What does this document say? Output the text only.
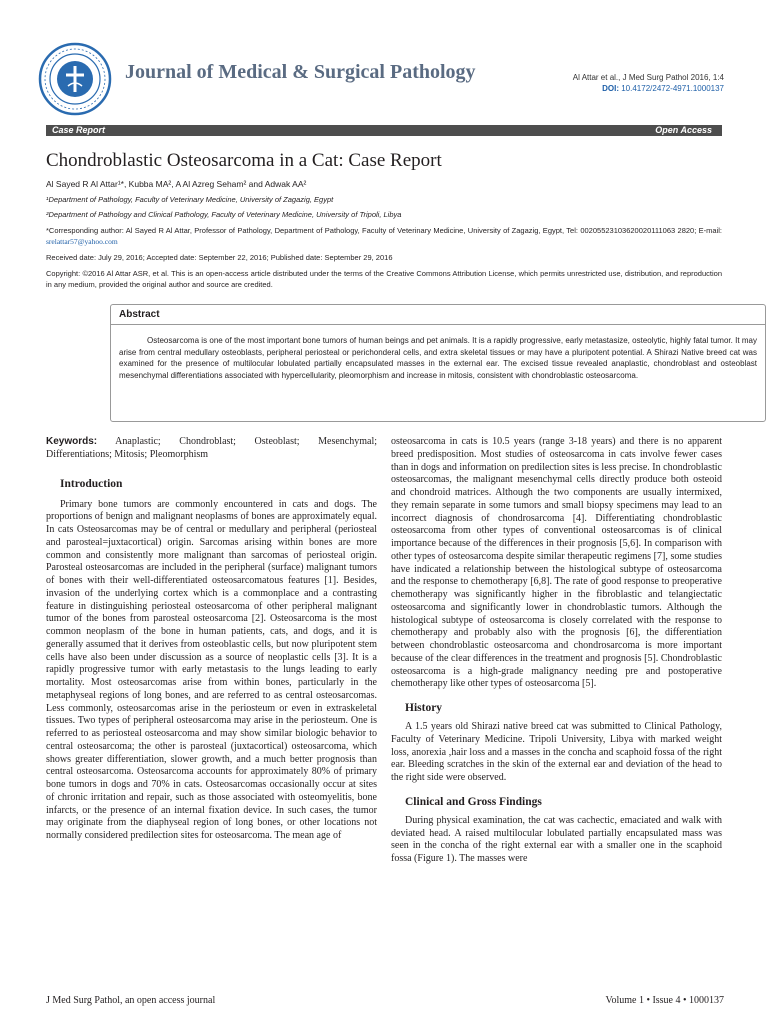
Journal of Medical & Surgical Pathology	Al Attar et al., J Med Surg Pathol 2016, 1:4
DOI: 10.4172/2472-4971.1000137
Case Report	Open Access
Chondroblastic Osteosarcoma in a Cat: Case Report
Al Sayed R Al Attar¹*, Kubba MA², A Al Azreg Seham² and Adwak AA²
¹Department of Pathology, Faculty of Veterinary Medicine, University of Zagazig, Egypt
²Department of Pathology and Clinical Pathology, Faculty of Veterinary Medicine, University of Tripoli, Libya
*Corresponding author: Al Sayed R Al Attar, Professor of Pathology, Department of Pathology, Faculty of Veterinary Medicine, University of Zagazig, Egypt, Tel: 00205523103620020111063 2820; E-mail: srelattar57@yahoo.com
Received date: July 29, 2016; Accepted date: September 22, 2016; Published date: September 29, 2016
Copyright: ©2016 Al Attar ASR, et al. This is an open-access article distributed under the terms of the Creative Commons Attribution License, which permits unrestricted use, distribution, and reproduction in any medium, provided the original author and source are credited.
Abstract
Osteosarcoma is one of the most important bone tumors of human beings and pet animals. It is a rapidly progressive, early metastasize, osteolytic, highly fatal tumor. It may arise from central medullary osteoblasts, peripheral periosteal or perichonderal cells, and extra skeletal tissues or may have a pluripotent potential. A Shirazi Native breed cat was examined for the presence of multilocular lobulated partially encapsulated masses in the external ear. The excised tissue revealed anaplastic, chondroblast and osteoblast mesenchymal differentiations associated with hypercellularity, pleomorphism and increase in mitosis, consistent with chondroblastic osteosarcoma.

Keywords: Anaplastic; Chondroblast; Osteoblast; Mesenchymal; Differentiations; Mitosis; Pleomorphism

Introduction

Primary bone tumors are commonly encountered in cats and dogs. The proportions of benign and malignant neoplasms of bones are approximately equal. In cats Osteosarcomas may be of central or medullary and peripheral (periosteal and parosteal=juxtacortical) origin. Sarcomas arising within bones are more common and consistently more malignant than sarcomas of periosteal origin. Parosteal osteosarcomas are included in the peripheral (surface) malignant tumors of bones with their well-differentiated osteosarcomatous features [1]. Besides, invasion of the underlying cortex which is a commonplace and a contrasting feature in distinguishing periosteal osteosarcoma of other peripheral malignant tumor of the bones from parosteal osteosarcoma [2]. Osteosarcoma is the most common neoplasm of the bone in human patients, cats, and dogs, and it is generally assumed that it derives from osteoblastic cells, but now pluripotent stem cells have also been under discussion as a source of neoplastic cells [3]. It is a rapidly progressive tumor with early metastasis to the lungs leading to early mortality. Most osteosarcomas arise from within bones, particularly in the metaphyseal regions of long bones, and are referred to as central osteosarcomas. Less commonly, osteosarcomas arise in the periosteum or even in extraskeletal tissues. Two types of peripheral osteosarcoma may arise in the periosteum. One is referred to as periosteal osteosarcoma and may show similar biologic behavior to central osteosarcoma; the other is parosteal (juxtacortical) osteosarcoma, which shows greater differentiation, slower growth, and a much better prognosis than central osteosarcoma. Osteosarcoma accounts for approximately 80% of primary bone tumors in dogs and 70% in cats. Osteosarcomas occasionally occur at sites of chronic irritation and repair, such as those associated with osteomyelitis, bone infarcts, or the presence of an internal fixation device. In such cases, the tumor may originate from the diaphyseal region of long bones, or other locations not normally considered predilection sites for osteosarcoma. The mean age of

osteosarcoma in cats is 10.5 years (range 3-18 years) and there is no apparent breed predisposition. Most studies of osteosarcoma in cats involve fewer cases than in dogs and information on predilection sites is less precise. In chondroblastic osteosarcomas, the malignant mesenchymal cells directly produce both osteoid and chondroid matrices. Although the two components are usually intermixed, they remain separate in some tumors and small biopsy specimens may lead to an incorrect diagnosis of chondrosarcoma [4]. Differentiating chondroblastic osteosarcoma from other types of conventional osteosarcomas is of clinical importance because of the differences in their prognosis [5,6]. In comparison with other types of osteosarcoma despite similar therapeutic regimens [7], some studies have indicated a relationship between the histological subtype of osteosarcoma and the response to chemotherapy [6,8]. The rate of good response to preoperative chemotherapy was significantly higher in the fibroblastic and telangiectatic osteosarcoma and significantly lower in chondroblastic tumors. Although the histological subtype of osteosarcoma is closely correlated with the response to chemotherapy and probably also with the prognosis [6], the differentiation between chondroblastic osteosarcoma and chondrosarcoma is more important because of the clear differences in the treatment and prognosis [5]. Chondroblastic osteosarcoma is a high-grade malignancy needing pre and postoperative chemotherapy like other types of osteosarcoma [5].

History

A 1.5 years old Shirazi native breed cat was submitted to Clinical Pathology, Faculty of Veterinary Medicine. Tripoli University, Libya with marked weight loss, anorexia ,hair loss and a masses in the concha and scaphoid fossa of the right ear. Bleeding scratches in the skin of the external ear and deviation of the head to the right side were observed.

Clinical and Gross Findings

During physical examination, the cat was cachectic, emaciated and walk with deviated head. A raised multilocular lobulated partially encapsulated mass was seen in the concha of the right external ear with a smaller one in the scaphoid fossa (Figure 1). The masses were

J Med Surg Pathol, an open access journal	Volume 1 • Issue 4 • 1000137
